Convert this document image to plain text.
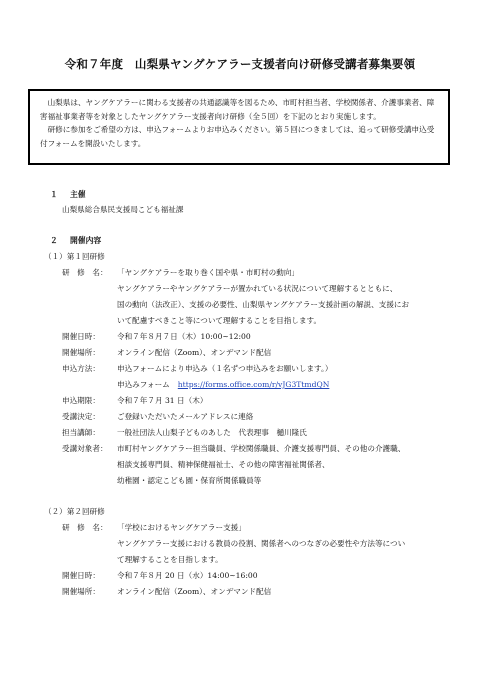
令和７年度　山梨県ヤングケアラー支援者向け研修受講者募集要領

山梨県は、ヤングケアラーに関わる支援者の共通認識等を図るため、市町村担当者、学校関係者、介護事業者、障害福祉事業者等を対象としたヤングケアラー支援者向け研修（全５回）を下記のとおり実施します。

研修に参加をご希望の方は、申込フォームよりお申込みください。第５回につきましては、追って研修受講申込受付フォームを開設いたします。

１ 主催
山梨県総合県民支援局こども福祉課
２ 開催内容
（１）第１回研修
研　修　名： 「ヤングケアラーを取り巻く国や県・市町村の動向」
ヤングケアラーやヤングケアラーが置かれている状況について理解するとともに、
国の動向（法改正）、支援の必要性、山梨県ヤングケアラー支援計画の解説、支援にお
いて配慮すべきこと等について理解することを目指します。
開催日時： 令和７年８月７日（木）10:00~12:00
開催場所： オンライン配信（Zoom）、オンデマンド配信
申込方法： 申込フォームにより申込み（１名ずつ申込みをお願いします。）
申込みフォーム https://forms.office.com/r/vJG3TtmdQN
申込期限： 令和７年７月 31 日（木）
受講決定： ご登録いただいたメールアドレスに連絡
担当講師： 一般社団法人山梨子どものあした　代表理事　樋川隆氏
受講対象者： 市町村ヤングケアラー担当職員、学校関係職員、介護支援専門員、その他の介護職、
相談支援専門員、精神保健福祉士、その他の障害福祉関係者、
幼稚園・認定こども園・保育所関係職員等
（２）第２回研修
研　修　名： 「学校におけるヤングケアラー支援」
ヤングケアラー支援における教員の役割、関係者へのつなぎの必要性や方法等につい
て理解することを目指します。
開催日時： 令和７年８月 20 日（水）14:00~16:00
開催場所： オンライン配信（Zoom）、オンデマンド配信
